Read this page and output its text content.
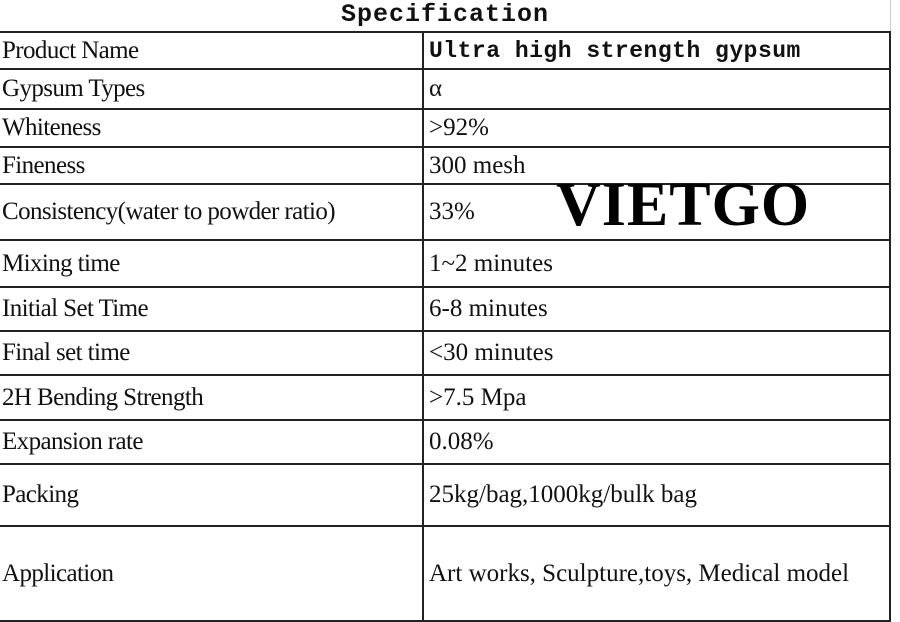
Specification
Product Name	Ultra high strength gypsum
Gypsum Types	α
Whiteness	>92%
Fineness	300 mesh
Consistency(water to powder ratio)	33%
Mixing time	1~2 minutes
Initial Set Time	6-8 minutes
Final set time	<30 minutes
2H Bending Strength	>7.5 Mpa
Expansion rate	0.08%
Packing	25kg/bag,1000kg/bulk bag
Application	Art works, Sculpture,toys, Medical model
VIETGO
